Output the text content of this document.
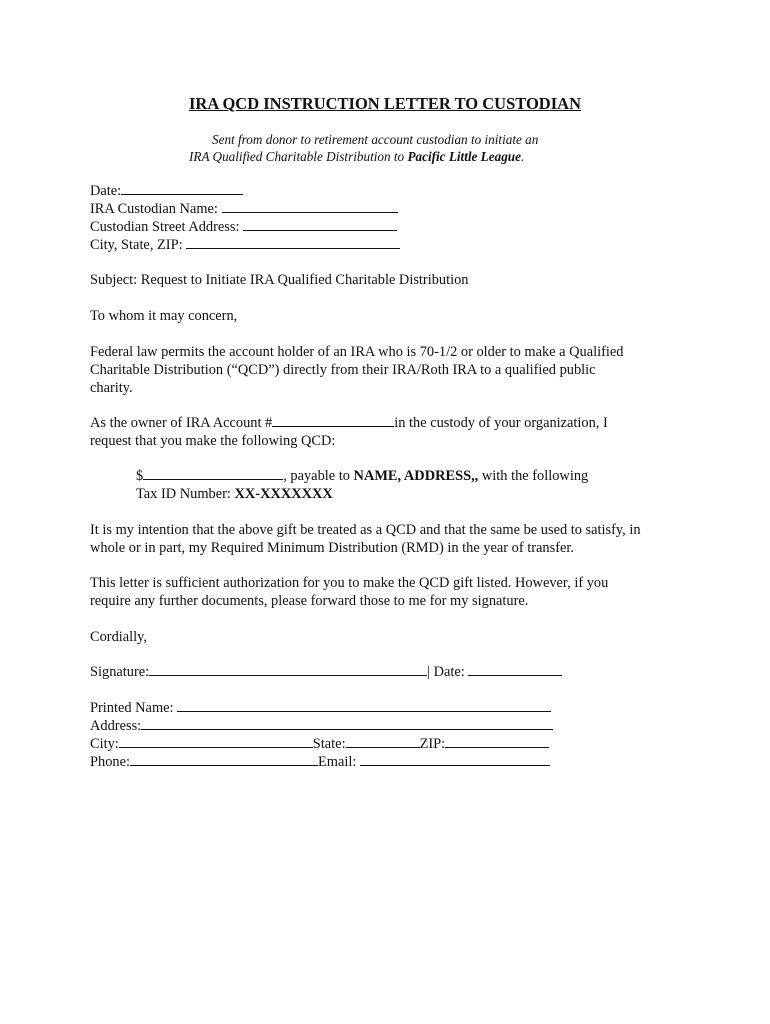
IRA QCD INSTRUCTION LETTER TO CUSTODIAN
Sent from donor to retirement account custodian to initiate an
IRA Qualified Charitable Distribution to Pacific Little League.
Date:
IRA Custodian Name:
Custodian Street Address:
City, State, ZIP:
Subject: Request to Initiate IRA Qualified Charitable Distribution
To whom it may concern,
Federal law permits the account holder of an IRA who is 70-1/2 or older to make a Qualified
Charitable Distribution (“QCD”) directly from their IRA/Roth IRA to a qualified public
charity.
As the owner of IRA Account #	in the custody of your organization, I
request that you make the following QCD:
$	, payable to NAME, ADDRESS,, with the following
Tax ID Number: XX-XXXXXXX
It is my intention that the above gift be treated as a QCD and that the same be used to satisfy, in
whole or in part, my Required Minimum Distribution (RMD) in the year of transfer.
This letter is sufficient authorization for you to make the QCD gift listed. However, if you
require any further documents, please forward those to me for my signature.
Cordially,
Signature:	| Date:
Printed Name:
Address:
City:	State:	ZIP:
Phone:	Email:
